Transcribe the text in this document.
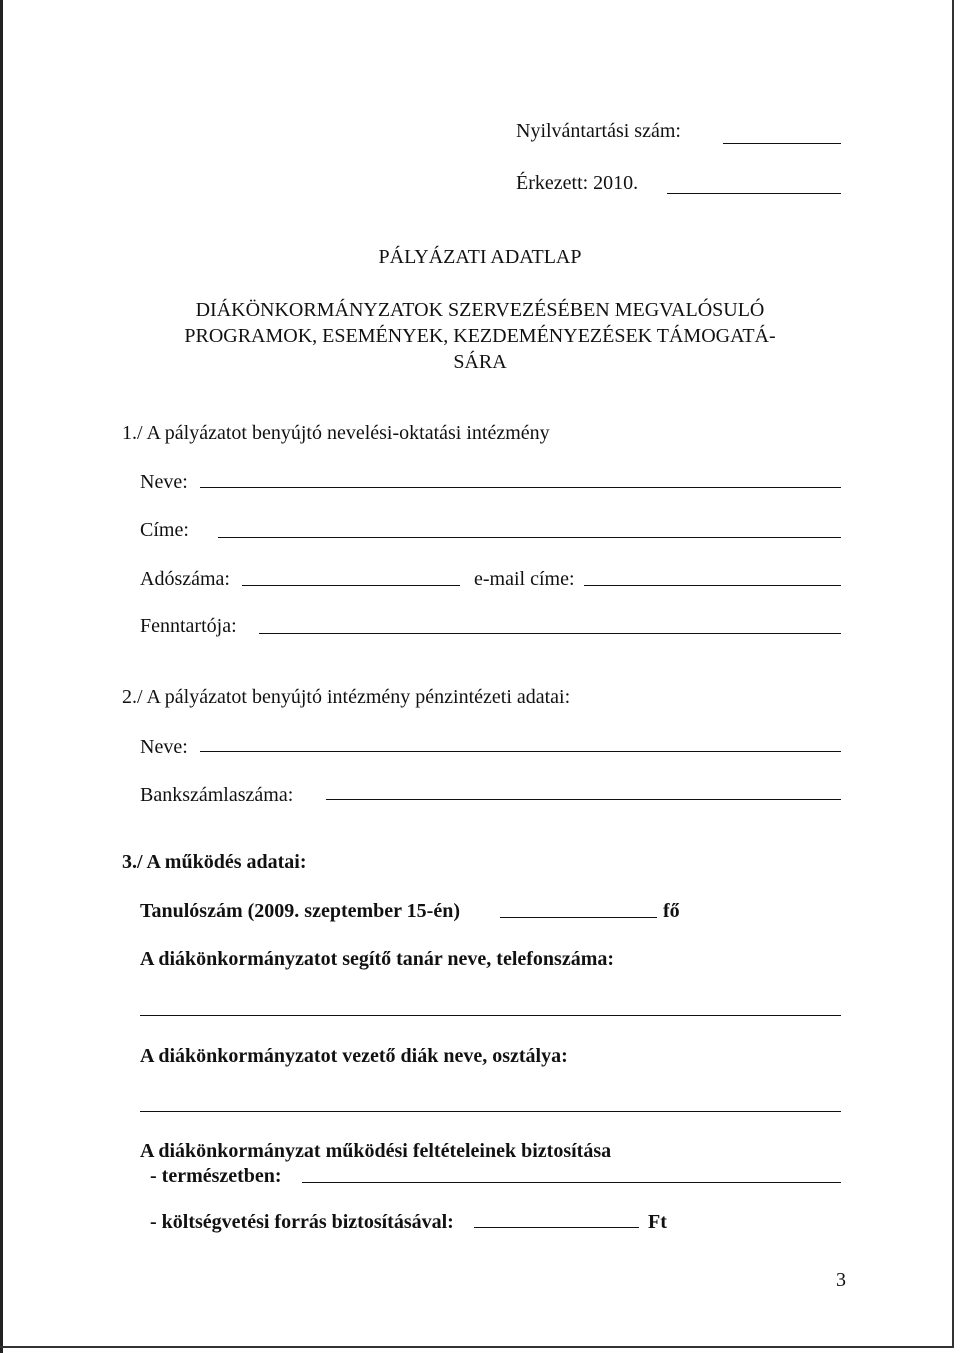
Nyilvántartási szám:
Érkezett: 2010.
PÁLYÁZATI ADATLAP
DIÁKÖNKORMÁNYZATOK SZERVEZÉSÉBEN MEGVALÓSULÓ
PROGRAMOK, ESEMÉNYEK, KEZDEMÉNYEZÉSEK TÁMOGATÁ-
SÁRA
1./ A pályázatot benyújtó nevelési-oktatási intézmény
Neve:
Címe:
Adószáma:	e-mail címe:
Fenntartója:
2./ A pályázatot benyújtó intézmény pénzintézeti adatai:
Neve:
Bankszámlaszáma:
3./ A működés adatai:
Tanulószám (2009. szeptember 15-én)	fő
A diákönkormányzatot segítő tanár neve, telefonszáma:
A diákönkormányzatot vezető diák neve, osztálya:
A diákönkormányzat működési feltételeinek biztosítása
- természetben:
- költségvetési forrás biztosításával:	Ft
3
